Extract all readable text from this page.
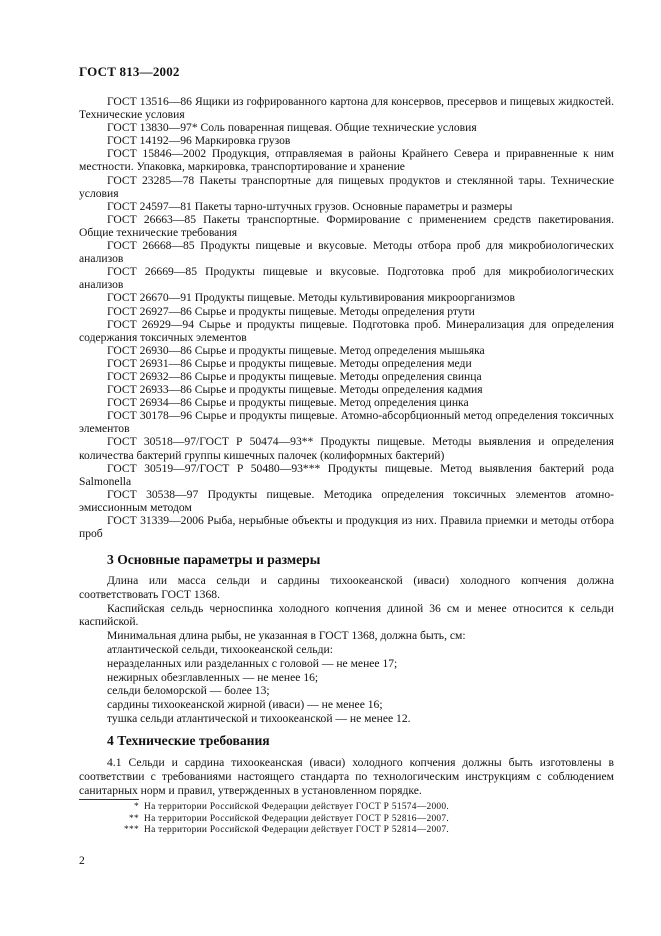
ГОСТ 813—2002

ГОСТ 13516—86 Ящики из гофрированного картона для консервов, пресервов и пищевых жидкостей. Технические условия

ГОСТ 13830—97* Соль поваренная пищевая. Общие технические условия

ГОСТ 14192—96 Маркировка грузов

ГОСТ 15846—2002 Продукция, отправляемая в районы Крайнего Севера и приравненные к ним местности. Упаковка, маркировка, транспортирование и хранение

ГОСТ 23285—78 Пакеты транспортные для пищевых продуктов и стеклянной тары. Технические условия

ГОСТ 24597—81 Пакеты тарно-штучных грузов. Основные параметры и размеры

ГОСТ 26663—85 Пакеты транспортные. Формирование с применением средств пакетирования. Общие технические требования

ГОСТ 26668—85 Продукты пищевые и вкусовые. Методы отбора проб для микробиологических анализов

ГОСТ 26669—85 Продукты пищевые и вкусовые. Подготовка проб для микробиологических анализов

ГОСТ 26670—91 Продукты пищевые. Методы культивирования микроорганизмов

ГОСТ 26927—86 Сырье и продукты пищевые. Методы определения ртути

ГОСТ 26929—94 Сырье и продукты пищевые. Подготовка проб. Минерализация для определения содержания токсичных элементов

ГОСТ 26930—86 Сырье и продукты пищевые. Метод определения мышьяка

ГОСТ 26931—86 Сырье и продукты пищевые. Методы определения меди

ГОСТ 26932—86 Сырье и продукты пищевые. Методы определения свинца

ГОСТ 26933—86 Сырье и продукты пищевые. Методы определения кадмия

ГОСТ 26934—86 Сырье и продукты пищевые. Метод определения цинка

ГОСТ 30178—96 Сырье и продукты пищевые. Атомно-абсорбционный метод определения токсичных элементов

ГОСТ 30518—97/ГОСТ Р 50474—93** Продукты пищевые. Методы выявления и определения количества бактерий группы кишечных палочек (колиформных бактерий)

ГОСТ 30519—97/ГОСТ Р 50480—93*** Продукты пищевые. Метод выявления бактерий рода Salmonella

ГОСТ 30538—97 Продукты пищевые. Методика определения токсичных элементов атомно-эмиссионным методом

ГОСТ 31339—2006 Рыба, нерыбные объекты и продукция из них. Правила приемки и методы отбора проб

3 Основные параметры и размеры

Длина или масса сельди и сардины тихоокеанской (иваси) холодного копчения должна соответствовать ГОСТ 1368.

Каспийская сельдь черноспинка холодного копчения длиной 36 см и менее относится к сельди каспийской.

Минимальная длина рыбы, не указанная в ГОСТ 1368, должна быть, см:

атлантической сельди, тихоокеанской сельди:

неразделанных или разделанных с головой — не менее 17;

нежирных обезглавленных — не менее 16;

сельди беломорской — более 13;

сардины тихоокеанской жирной (иваси) — не менее 16;

тушка сельди атлантической и тихоокеанской — не менее 12.

4 Технические требования

4.1 Сельди и сардина тихоокеанская (иваси) холодного копчения должны быть изготовлены в соответствии с требованиями настоящего стандарта по технологическим инструкциям с соблюдением санитарных норм и правил, утвержденных в установленном порядке.

* На территории Российской Федерации действует ГОСТ Р 51574—2000.

** На территории Российской Федерации действует ГОСТ Р 52816—2007.

*** На территории Российской Федерации действует ГОСТ Р 52814—2007.

2
